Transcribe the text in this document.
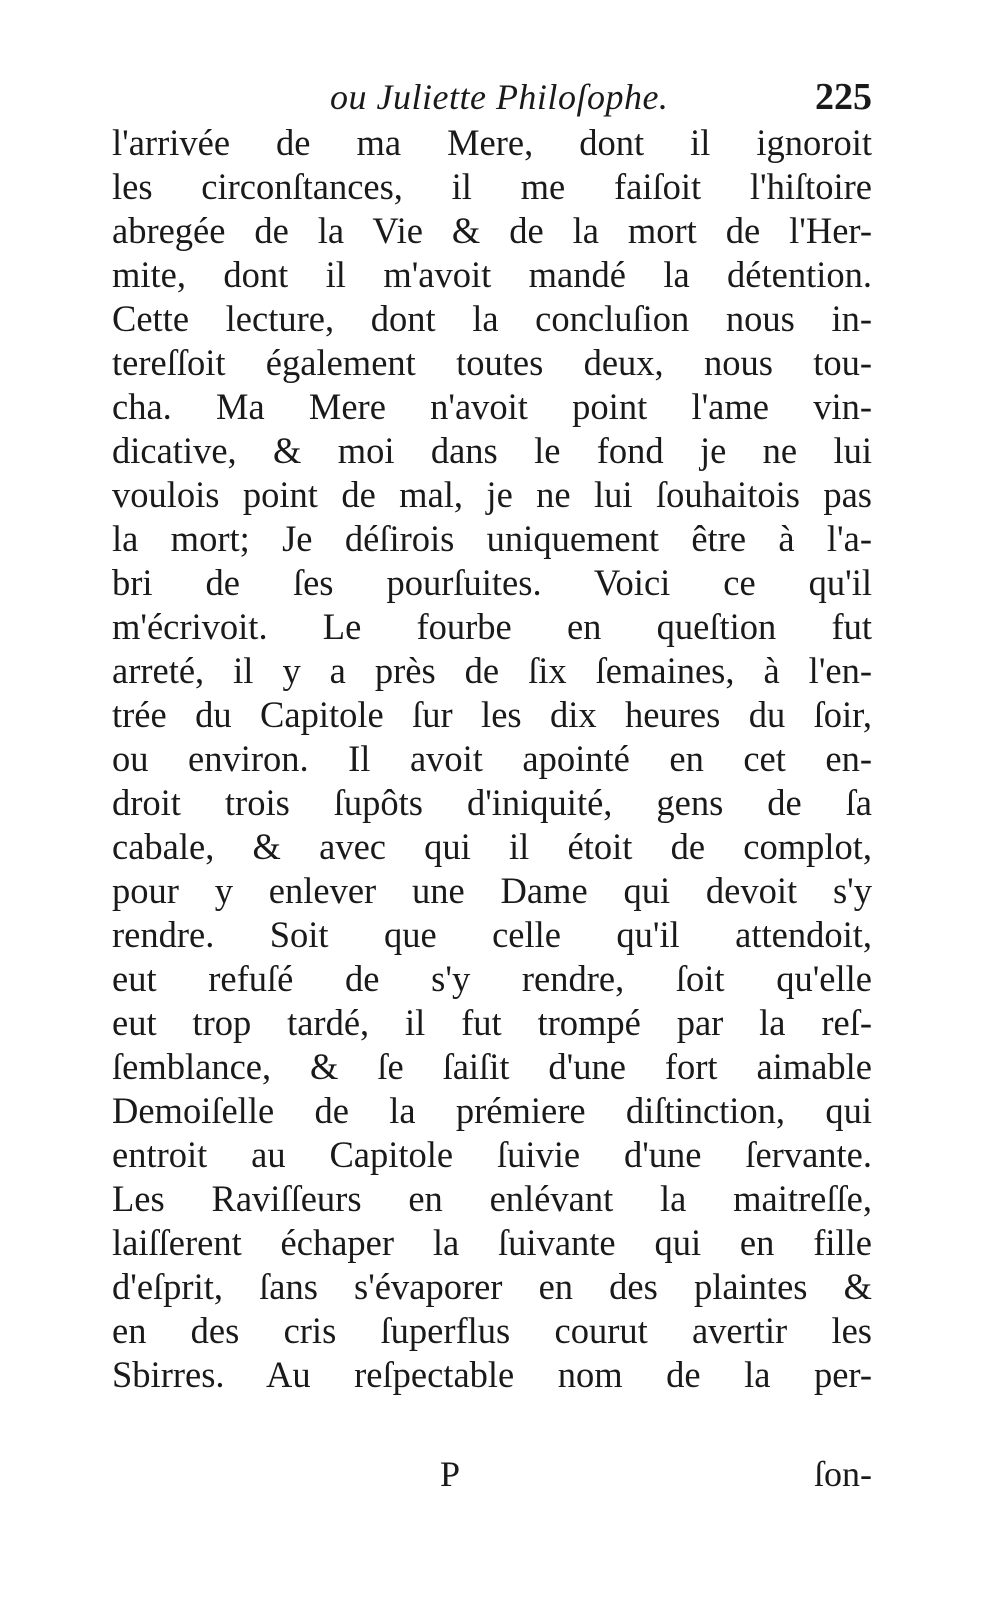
ou Juliette Philoſophe.	225
l'arrivée de ma Mere, dont il ignoroit
les circonſtances, il me faiſoit l'hiſtoire
abregée de la Vie & de la mort de l'Her-
mite, dont il m'avoit mandé la détention.
Cette lecture, dont la concluſion nous in-
tereſſoit également toutes deux, nous tou-
cha. Ma Mere n'avoit point l'ame vin-
dicative, & moi dans le fond je ne lui
voulois point de mal, je ne lui ſouhaitois pas
la mort; Je déſirois uniquement être à l'a-
bri de ſes pourſuites. Voici ce qu'il
m'écrivoit. Le fourbe en queſtion fut
arreté, il y a près de ſix ſemaines, à l'en-
trée du Capitole ſur les dix heures du ſoir,
ou environ. Il avoit apointé en cet en-
droit trois ſupôts d'iniquité, gens de ſa
cabale, & avec qui il étoit de complot,
pour y enlever une Dame qui devoit s'y
rendre. Soit que celle qu'il attendoit,
eut refuſé de s'y rendre, ſoit qu'elle
eut trop tardé, il fut trompé par la reſ-
ſemblance, & ſe ſaiſit d'une fort aimable
Demoiſelle de la prémiere diſtinction, qui
entroit au Capitole ſuivie d'une ſervante.
Les Raviſſeurs en enlévant la maitreſſe,
laiſſerent échaper la ſuivante qui en fille
d'eſprit, ſans s'évaporer en des plaintes &
en des cris ſuperflus courut avertir les
Sbirres. Au reſpectable nom de la per-
P	ſon-
